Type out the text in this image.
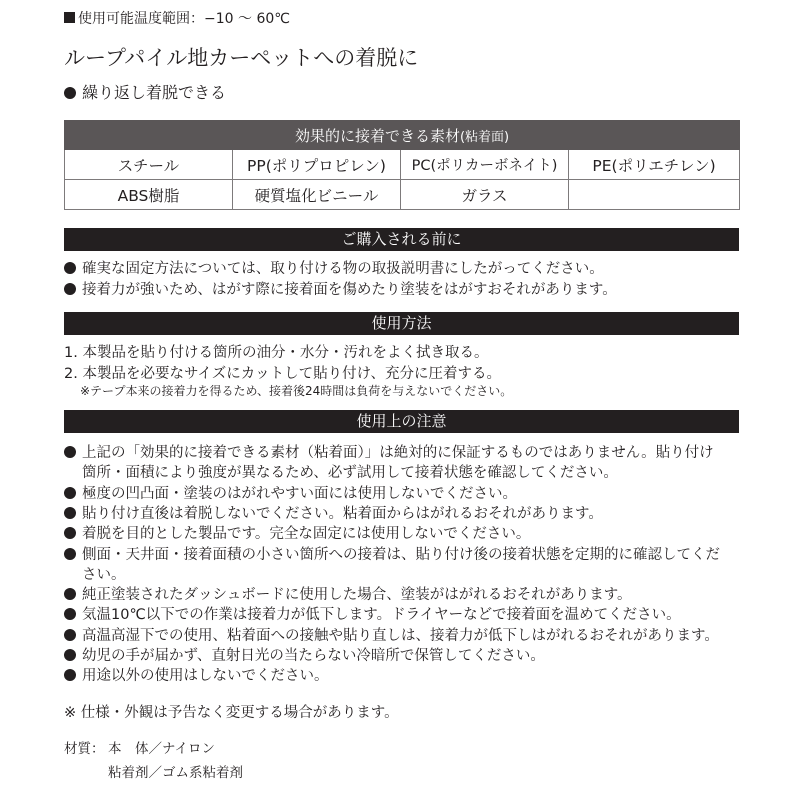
使用可能温度範囲：−10 ～ 60℃
ループパイル地カーペットへの着脱に
繰り返し着脱できる
効果的に接着できる素材(粘着面)			
スチール	PP(ポリプロピレン)	PC(ポリカーボネイト)	PE(ポリエチレン)
ABS樹脂	硬質塩化ビニール	ガラス	
ご購入される前に
確実な固定方法については、取り付ける物の取扱説明書にしたがってください。
接着力が強いため、はがす際に接着面を傷めたり塗装をはがすおそれがあります。
使用方法
1. 本製品を貼り付ける箇所の油分・水分・汚れをよく拭き取る。
2. 本製品を必要なサイズにカットして貼り付け、充分に圧着する。
※テープ本来の接着力を得るため、接着後24時間は負荷を与えないでください。
使用上の注意
上記の「効果的に接着できる素材（粘着面）」は絶対的に保証するものではありません。貼り付け
箇所・面積により強度が異なるため、必ず試用して接着状態を確認してください。
極度の凹凸面・塗装のはがれやすい面には使用しないでください。
貼り付け直後は着脱しないでください。粘着面からはがれるおそれがあります。
着脱を目的とした製品です。完全な固定には使用しないでください。
側面・天井面・接着面積の小さい箇所への接着は、貼り付け後の接着状態を定期的に確認してくだ
さい。
純正塗装されたダッシュボードに使用した場合、塗装がはがれるおそれがあります。
気温10℃以下での作業は接着力が低下します。ドライヤーなどで接着面を温めてください。
高温高湿下での使用、粘着面への接触や貼り直しは、接着力が低下しはがれるおそれがあります。
幼児の手が届かず、直射日光の当たらない冷暗所で保管してください。
用途以外の使用はしないでください。
※ 仕様・外観は予告なく変更する場合があります。
材質： 本　体／ナイロン
粘着剤／ゴム系粘着剤
